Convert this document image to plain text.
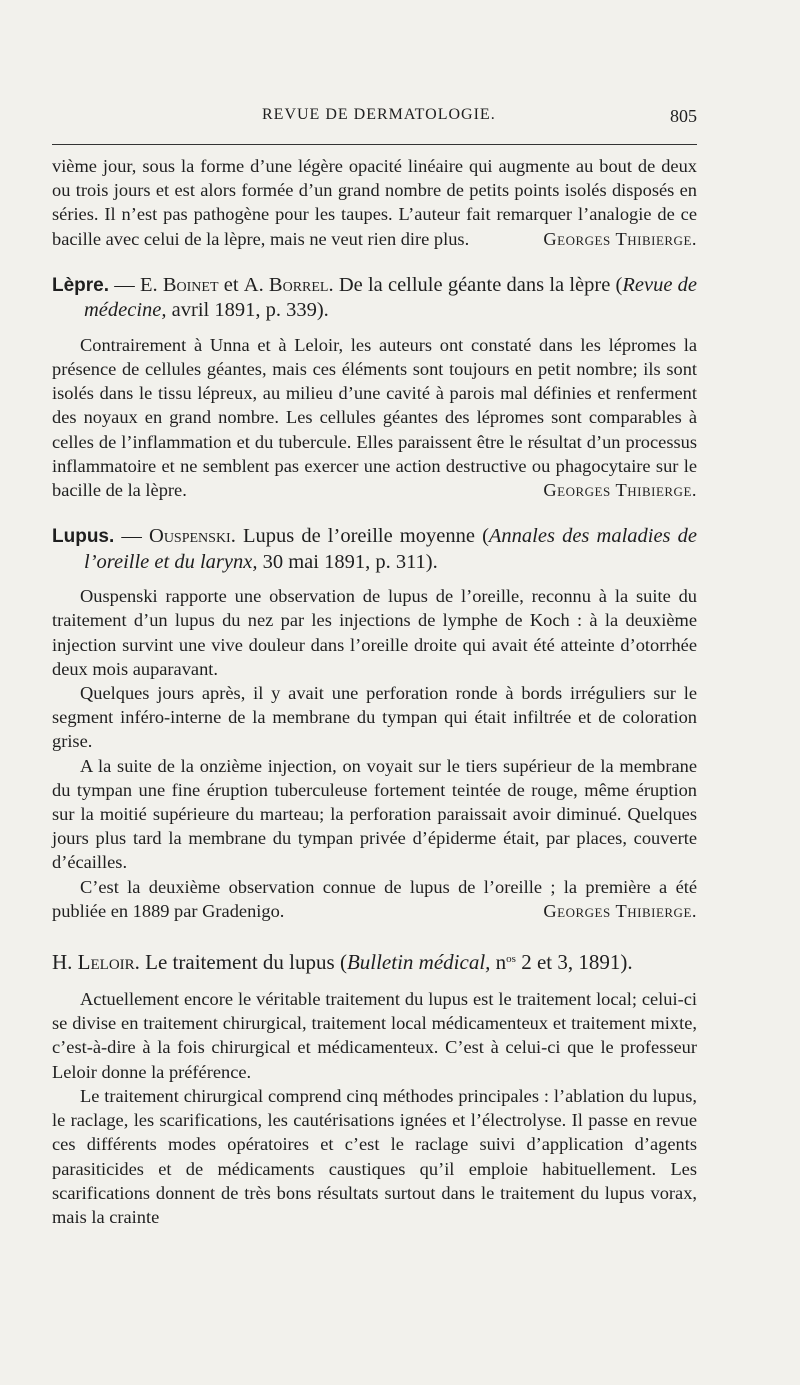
REVUE DE DERMATOLOGIE.	805

vième jour, sous la forme d’une légère opacité linéaire qui augmente au bout de deux ou trois jours et est alors formée d’un grand nombre de petits points isolés disposés en séries. Il n’est pas pathogène pour les taupes. L’auteur fait remarquer l’analogie de ce bacille avec celui de la lèpre, mais ne veut rien dire plus.	Georges Thibierge.

Lèpre. — E. Boinet et A. Borrel. De la cellule géante dans la lèpre (Revue de médecine, avril 1891, p. 339).

Contrairement à Unna et à Leloir, les auteurs ont constaté dans les lépromes la présence de cellules géantes, mais ces éléments sont toujours en petit nombre; ils sont isolés dans le tissu lépreux, au milieu d’une cavité à parois mal définies et renferment des noyaux en grand nombre. Les cellules géantes des lépromes sont comparables à celles de l’inflammation et du tubercule. Elles paraissent être le résultat d’un processus inflammatoire et ne semblent pas exercer une action destructive ou phagocytaire sur le bacille de la lèpre.	Georges Thibierge.

Lupus. — Ouspenski. Lupus de l’oreille moyenne (Annales des maladies de l’oreille et du larynx, 30 mai 1891, p. 311).

Ouspenski rapporte une observation de lupus de l’oreille, reconnu à la suite du traitement d’un lupus du nez par les injections de lymphe de Koch : à la deuxième injection survint une vive douleur dans l’oreille droite qui avait été atteinte d’otorrhée deux mois auparavant.

Quelques jours après, il y avait une perforation ronde à bords irréguliers sur le segment inféro-interne de la membrane du tympan qui était infiltrée et de coloration grise.

A la suite de la onzième injection, on voyait sur le tiers supérieur de la membrane du tympan une fine éruption tuberculeuse fortement teintée de rouge, même éruption sur la moitié supérieure du marteau; la perforation paraissait avoir diminué. Quelques jours plus tard la membrane du tympan privée d’épiderme était, par places, couverte d’écailles.

C’est la deuxième observation connue de lupus de l’oreille ; la première a été publiée en 1889 par Gradenigo.	Georges Thibierge.

H. Leloir. Le traitement du lupus (Bulletin médical, $n^{os}$ 2 et 3, 1891).

Actuellement encore le véritable traitement du lupus est le traitement local; celui-ci se divise en traitement chirurgical, traitement local médicamenteux et traitement mixte, c’est-à-dire à la fois chirurgical et médicamenteux. C’est à celui-ci que le professeur Leloir donne la préférence.

Le traitement chirurgical comprend cinq méthodes principales : l’ablation du lupus, le raclage, les scarifications, les cautérisations ignées et l’électrolyse. Il passe en revue ces différents modes opératoires et c’est le raclage suivi d’application d’agents parasiticides et de médicaments caustiques qu’il emploie habituellement. Les scarifications donnent de très bons résultats surtout dans le traitement du lupus vorax, mais la crainte
